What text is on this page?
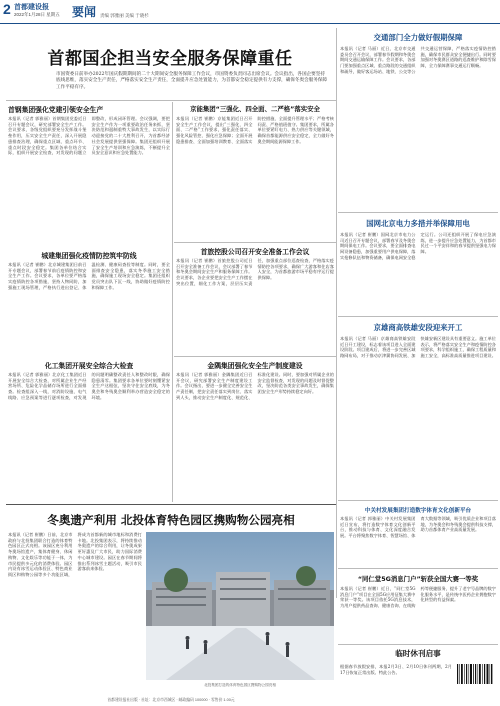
2 首都建设报
2022年1月28日 星期五 要闻 责编 郭雅丽 美编 于晓杉
首都国企担当安全服务保障重任
市国资委日前举办2022年国庆假期期间的二十大期间安全服务保障工作会议，市国资委负责同志出席会议。会议指出，各国企要坚持底线思维，落实安全生产责任，严格落实安全生产责任，全面提升应急处置能力，为首都安全稳定提供有力支撑，确保冬奥会服务保障工作平稳有序。
首钢集团强化党建引领安全生产
本报讯（记者 郭雅丽）首钢集团党委近日召开专题会议，研究部署安全生产工作。会议要求，各级党组织要充分发挥战斗堡垒作用，压实安全生产责任，深入开展隐患排查治理，确保重点区域、重点环节、重点时段安全稳定。集团各单位结合实际，组织开展安全检查，对发现的问题立即整改，形成闭环管理。会议强调，要把安全生产作为一项重要政治任务来抓，坚决防范和遏制重特大事故发生，以实际行动迎接党的二十大胜利召开，为首都经济社会发展提供坚强保障。集团还组织开展了安全生产培训和应急演练，不断提升全员安全意识和应急处置能力。
城建集团强化疫情防控筑牢防线
本报讯（记者 崔鹏）北京城建集团日前召开专题会议，部署春节前后疫情防控和安全生产工作。会议要求，各单位要严格落实疫情防控各项措施，坚持人物同防，加强施工现场管理，严格执行进出登记、体温检测、健康码查验等制度。同时，要全面排查安全隐患，落实冬季施工安全措施，确保施工现场安全稳定。集团还组织党员突击队下沉一线，协助做好疫情防控和保障工作。
化工集团开展安全综合大检查
本报讯（记者 郭雅丽）北京化工集团近日开展安全综合大检查，对所属企业生产经营场所、危险化学品储存场所进行全面排查。检查组深入一线，对消防设施、电气线路、应急预案等进行逐项检查，对发现的问题明确整改责任人和整改时限，确保隐患清零。集团要求各单位要时刻绷紧安全生产这根弦，坚决守住安全底线，为冬奥会和冬残奥会顺利举办营造安全稳定的环境。
京能集团“三强化、四全面、二严格”落实安全
本报讯（记者 崔鹏）京能集团近日召开安全生产工作会议，提出“三强化、四全面、二严格”工作要求，强化责任落实、强化风险管控、强化应急保障；全面开展隐患排查、全面加强培训教育、全面落实防控措施、全面提升管理水平；严格考核问责、严格值班值守。集团要求，所属各单位要紧盯电力、热力供应等关键领域，确保首都能源供应安全稳定，全力做好冬奥会期间能源保障工作。
首旅控股公司召开安全准备工作会议
本报讯（记者 崔鹏）首旅控股公司近日召开安全准备工作会议，会议部署了春节和冬奥会期间安全生产和服务保障工作。会议要求，各企业要把安全生产工作摆在突出位置，细化工作方案，层层压实责任，加强重点部位巡查检查，严格落实疫情防控各项要求，确保广大游客和住店客人安全，为首都旅游市场平稳有序运行提供保障。
金隅集团强化安全生产制度建设
本报讯（记者 郭雅丽）金隅集团近日召开会议，研究部署安全生产制度建设工作。会议指出，要进一步健全完善安全生产责任制，把安全责任落实到岗位、落实到人头，推动安全生产制度化、规范化、标准化建设。同时，要加强对所属企业的安全监督检查，对发现的问题及时督促整改，坚决防范各类安全事故发生，确保集团安全生产形势持续稳定向好。
交通部门全力做好假期保障
本报讯（记者 马丽）近日，北京市交通委员会召开会议，部署春节假期和冬奥会期间交通运输保障工作。会议要求，各部门要加强重点区域、重点路段的交通组织和疏导，做好客运场站、地铁、公交等公共交通运营保障，严格落实疫情防控措施，确保市民群众安全便捷出行。同时要加强对冬奥赛区道路的巡查维护和除雪保障，全力保障赛事交通运行顺畅。
国网北京电力多措并举保障用电
本报讯（记者 崔鹏）国网北京市电力公司近日召开专题会议，部署春节及冬奥会期间保电工作。会议要求，要全面排查电网设备隐患，加强重要用户供电保障，落实抢修队伍和物资储备，确保电网安全稳定运行。公司还组织开展了保电应急演练，进一步提升应急处置能力，为首都市民过一个平安祥和的春节提供坚强电力保障。
京雄商高铁雄安段迎来开工
本报讯（记者 马丽）京雄商高铁雄安段近日开工建设，标志着该项目进入全面建设阶段。项目建成后，将进一步完善区域路网布局，对于推动京津冀协同发展、加快雄安新区建设具有重要意义。施工单位表示，将严格落实安全生产和疫情防控各项要求，科学组织施工，确保工程质量和施工安全，高标准高质量推进项目建设。
中关村发展集团打造数字体育文化创新平台
本报讯（记者 郭雅丽）中关村发展集团近日宣布，将打造数字体育文化创新平台，推动科技与体育、文化深度融合发展。平台将聚焦数字体育、智慧场馆、体育大数据等领域，吸引优质企业和项目落地，为冬奥会和冬残奥会提供科技支撑，助力首都体育产业高质量发展。
“同仁堂5G消息门户”斩获全国大赛一等奖
本报讯（记者 崔鹏）近日，“同仁堂5G消息门户”项目在全国5G应用征集大赛中荣获一等奖。该项目依托5G消息技术，为用户提供药品查询、健康咨询、在线购药等便捷服务，提升了老字号品牌的数字化服务水平，是传统中医药企业拥抱数字化转型的有益探索。
临时休刊启事
根据春节放假安排，本报2月3日、2月10日休刊两期，2月17日恢复正常出版。特此公告。
冬奥遗产利用 北投体育特色园区携购物公园亮相
本报讯（记者 崔鹏）日前，北京市政府与北投集团联合打造的体育特色园区正式亮相。该园区充分利用冬奥场馆遗产，集体育健身、休闲购物、文化娱乐等功能于一体，为市民提供多元化的消费体验。园区内设有冰雪运动体验区、特色商业街区和购物公园等多个功能区域，将成为首都新的城市地标和消费打卡地。北投集团表示，将持续推动冬奥遗产的综合利用，让冬奥成果更好惠及广大市民，助力国际消费中心城市建设。园区在春节期间将推出系列冰雪主题活动，吸引市民游客前来体验。
北投集团打造的体育特色园区携购物公园亮相
首都建设报社出版 · 社址：北京市西城区 · 邮政编码 100000 · 零售价 1.00元
